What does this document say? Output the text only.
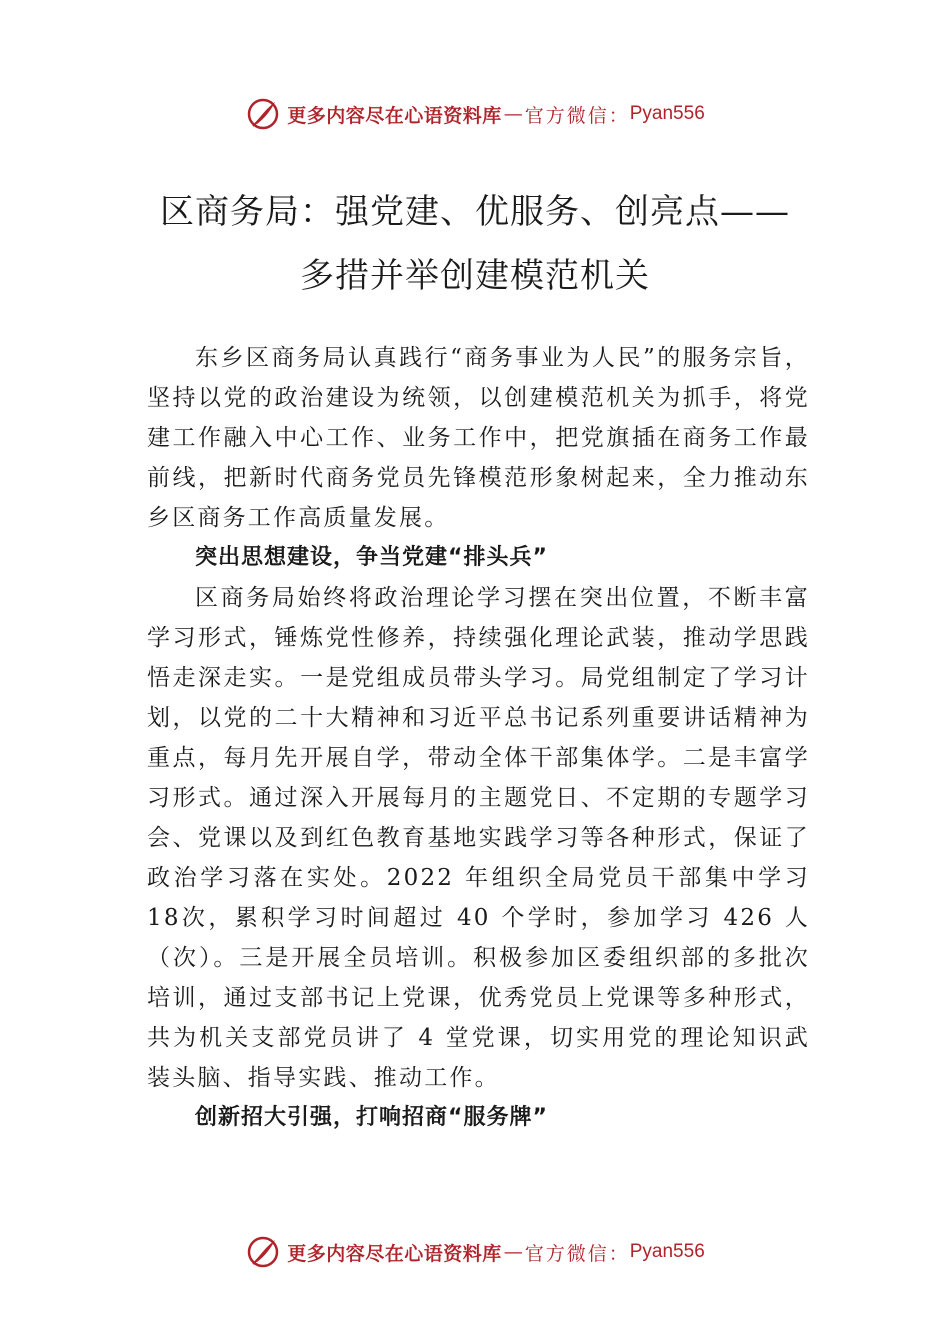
更多内容尽在心语资料库 — 官方微信： Pyan556
区商务局：强党建、优服务、创亮点——
多措并举创建模范机关

东乡区商务局认真践行“商务事业为人民”的服务宗旨，坚持以党的政治建设为统领，以创建模范机关为抓手，将党建工作融入中心工作、业务工作中，把党旗插在商务工作最前线，把新时代商务党员先锋模范形象树起来，全力推动东乡区商务工作高质量发展。

突出思想建设，争当党建“排头兵”

区商务局始终将政治理论学习摆在突出位置，不断丰富学习形式，锤炼党性修养，持续强化理论武装，推动学思践悟走深走实。一是党组成员带头学习。局党组制定了学习计划，以党的二十大精神和习近平总书记系列重要讲话精神为重点，每月先开展自学，带动全体干部集体学。二是丰富学 习形式。通过深入开展每月的主题党日、不定期的专题学习 会、党课以及到红色教育基地实践学习等各种形式，保证了政治学习落在实处。2022 年组织全局党员干部集中学习 18次，累积学习时间超过 40 个学时，参加学习 426 人（次）。三是开展全员培训。积极参加区委组织部的多批次培训，通过支部书记上党课，优秀党员上党课等多种形式，共为机关支部党员讲了 4 堂党课，切实用党的理论知识武装头脑、指导实践、推动工作。

创新招大引强，打响招商“服务牌”
更多内容尽在心语资料库 — 官方微信： Pyan556
